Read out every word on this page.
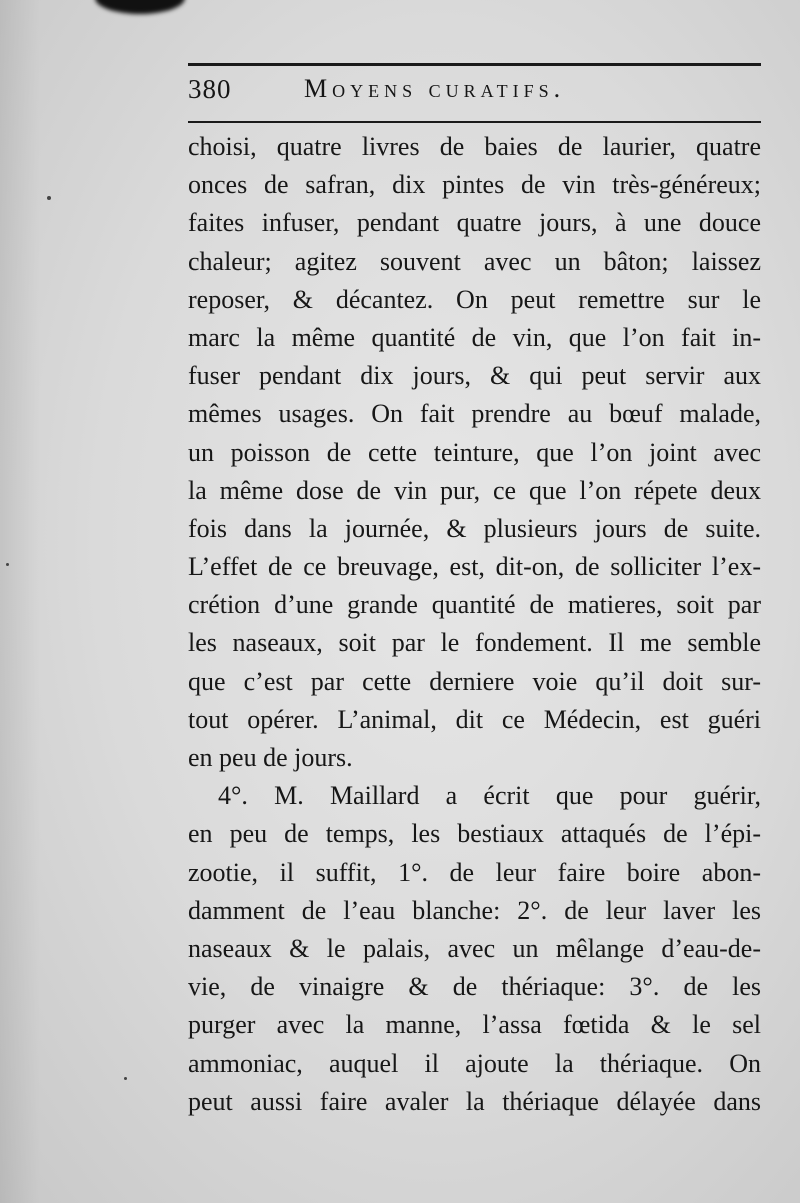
380	Moyens curatifs.
choisi, quatre livres de baies de laurier, quatre
onces de safran, dix pintes de vin très-généreux;
faites infuser, pendant quatre jours, à une douce
chaleur; agitez souvent avec un bâton; laissez
reposer, & décantez. On peut remettre sur le
marc la même quantité de vin, que l’on fait in-
fuser pendant dix jours, & qui peut servir aux
mêmes usages. On fait prendre au bœuf malade,
un poisson de cette teinture, que l’on joint avec
la même dose de vin pur, ce que l’on répete deux
fois dans la journée, & plusieurs jours de suite.
L’effet de ce breuvage, est, dit-on, de solliciter l’ex-
crétion d’une grande quantité de matieres, soit par
les naseaux, soit par le fondement. Il me semble
que c’est par cette derniere voie qu’il doit sur-
tout opérer. L’animal, dit ce Médecin, est guéri
en peu de jours.
4°. M. Maillard a écrit que pour guérir,
en peu de temps, les bestiaux attaqués de l’épi-
zootie, il suffit, 1°. de leur faire boire abon-
damment de l’eau blanche: 2°. de leur laver les
naseaux & le palais, avec un mêlange d’eau-de-
vie, de vinaigre & de thériaque: 3°. de les
purger avec la manne, l’assa fœtida & le sel
ammoniac, auquel il ajoute la thériaque. On
peut aussi faire avaler la thériaque délayée dans
